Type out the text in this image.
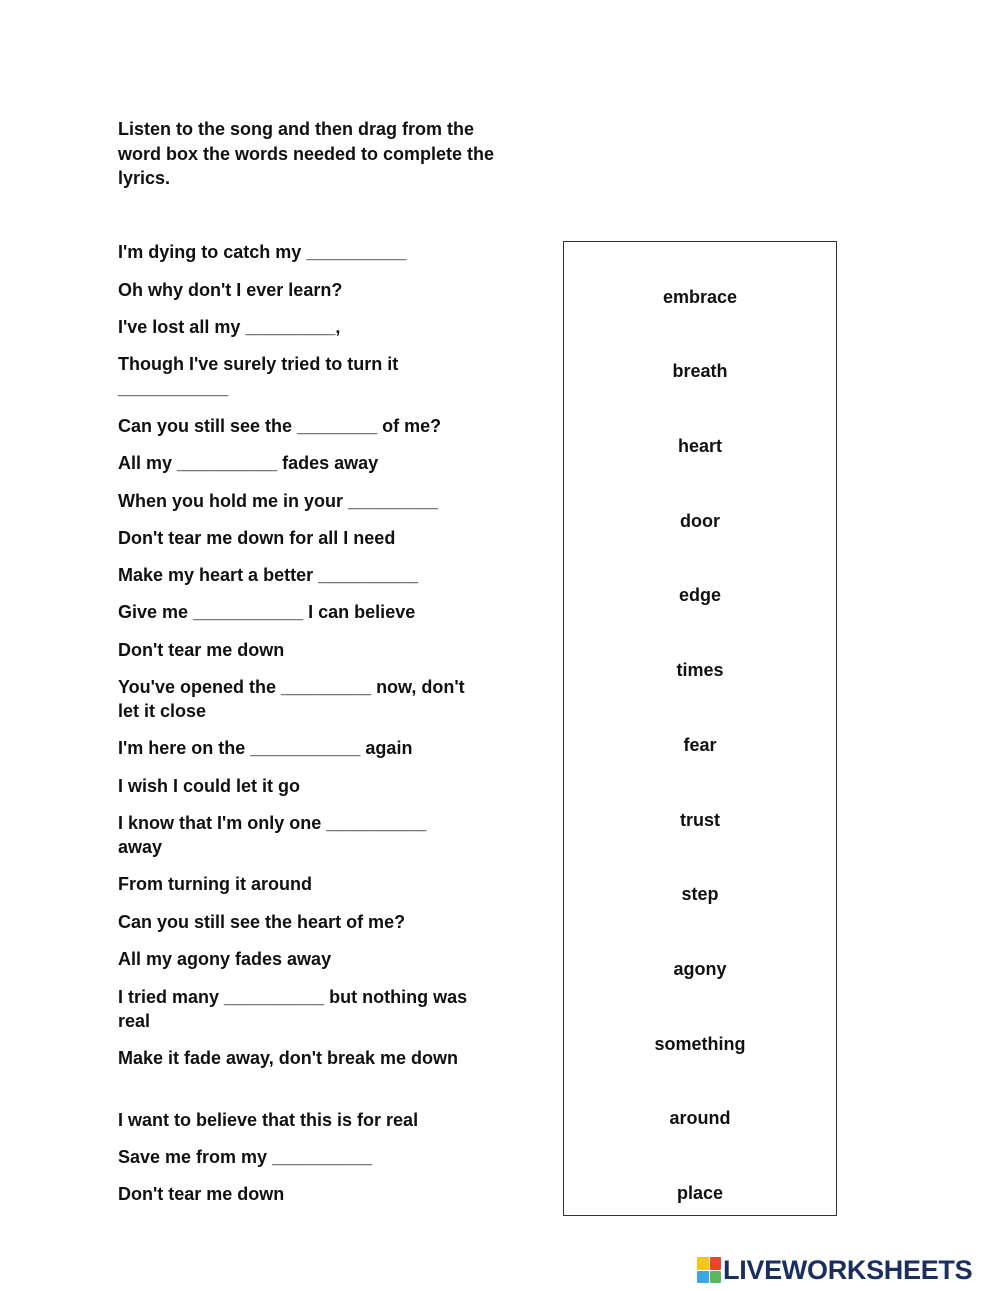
Listen to the song and then drag from the word box the words needed to complete the lyrics.
I'm dying to catch my __________
Oh why don't I ever learn?
I've lost all my _________,
Though I've surely tried to turn it ___________
Can you still see the ________ of me?
All my __________ fades away
When you hold me in your _________
Don't tear me down for all I need
Make my heart a better __________
Give me ___________ I can believe
Don't tear me down
You've opened the _________ now, don't let it close
I'm here on the ___________ again
I wish I could let it go
I know that I'm only one __________ away
From turning it around
Can you still see the heart of me?
All my agony fades away
I tried many __________ but nothing was real
Make it fade away, don't break me down
I want to believe that this is for real
Save me from my __________
Don't tear me down
embrace
breath
heart
door
edge
times
fear
trust
step
agony
something
around
place
LIVEWORKSHEETS
